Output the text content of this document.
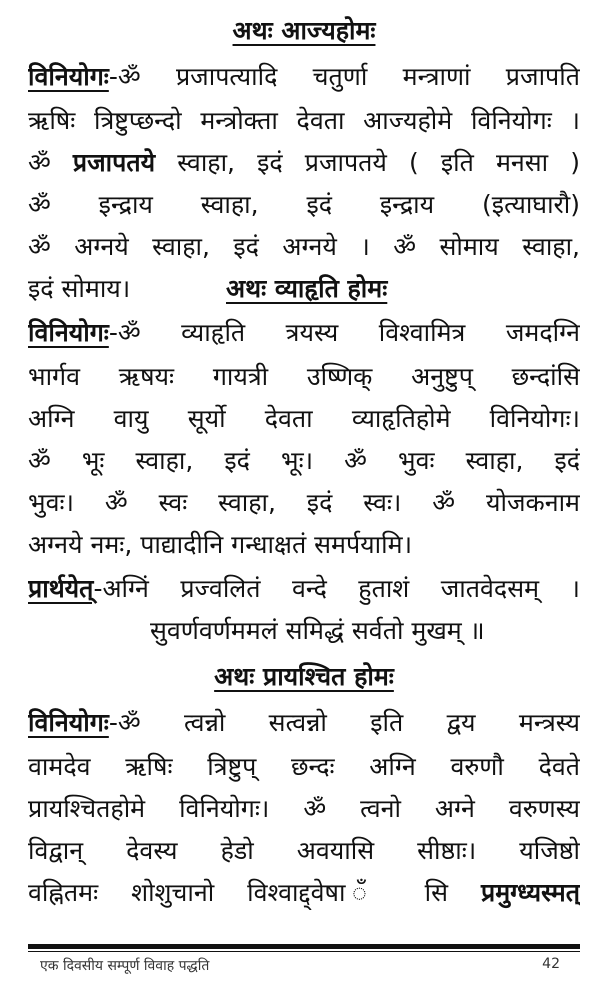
अथः आज्यहोमः
विनियोगः-ॐ प्रजापत्यादि चतुर्णा मन्त्राणां प्रजापति
ऋषिः त्रिष्टुप्छन्दो मन्त्रोक्ता देवता आज्यहोमे विनियोगः ।
ॐ प्रजापतये स्वाहा, इदं प्रजापतये ( इति मनसा )
ॐ इन्द्राय स्वाहा, इदं इन्द्राय (इत्याघारौ)
ॐ अग्नये स्वाहा, इदं अग्नये । ॐ सोमाय स्वाहा,
इदं सोमाय।	अथः व्याहृति होमः
विनियोगः-ॐ व्याहृति त्रयस्य विश्वामित्र जमदग्नि
भार्गव ऋषयः गायत्री उष्णिक् अनुष्टुप् छन्दांसि
अग्नि वायु सूर्यो देवता व्याहृतिहोमे विनियोगः।
ॐ भूः स्वाहा, इदं भूः। ॐ भुवः स्वाहा, इदं
भुवः। ॐ स्वः स्वाहा, इदं स्वः। ॐ योजकनाम
अग्नये नमः, पाद्यादीनि गन्धाक्षतं समर्पयामि।
प्रार्थयेत्-अग्निं प्रज्वलितं वन्दे हुताशं जातवेदसम् ।
सुवर्णवर्णममलं समिद्धं सर्वतो मुखम् ॥
अथः प्रायश्चित होमः
विनियोगः-ॐ त्वन्नो सत्वन्नो इति द्वय मन्त्रस्य
वामदेव ऋषिः त्रिष्टुप् छन्दः अग्नि वरुणौ देवते
प्रायश्चितहोमे विनियोगः। ॐ त्वनो अग्ने वरुणस्य
विद्वान् देवस्य हेडो अवयासि सीष्ठाः। यजिष्ठो
वह्नितमः शोशुचानो विश्वाद्द्वेषा	सि प्रमुग्ध्यस्मत्
एक दिवसीय सम्पूर्ण विवाह पद्धति	42
